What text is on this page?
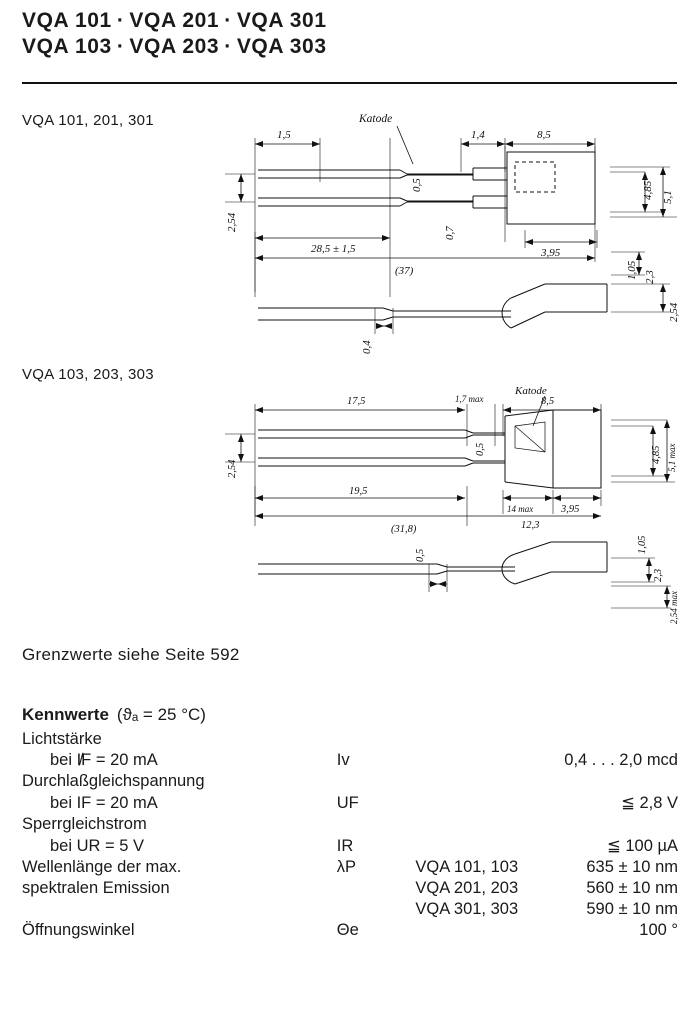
VQA 101 · VQA 201 · VQA 301
VQA 103 · VQA 203 · VQA 303
VQA 101, 201, 301
1,5	1,4	8,5
Katode
28,5 ± 1,5
(37)
0,5
0,7
3,95
2,54
4,85 5,1
1,05 2,3
2,54
0,4
VQA 103, 203, 303
17,5	1,7 max	8,5
Katode
2,54
4,85 5,1 max
19,5
0,5
14 max	3,95
12,3
(31,8)
0,5
1,05
2,3
2,54 max
Grenzwerte siehe Seite 592
Kennwerte (ϑₐ = 25 °C)
Lichtstärke			
bei I̸F = 20 mA	Iv		0,4 . . . 2,0 mcd
Durchlaßgleichspannung			
bei IF = 20 mA	UF		≦ 2,8 V
Sperrgleichstrom			
bei UR = 5 V	IR		≦ 100 µA
Wellenlänge der max.	λP	VQA 101, 103	635 ± 10 nm
spektralen Emission		VQA 201, 203	560 ± 10 nm
		VQA 301, 303	590 ± 10 nm
Öffnungswinkel	Θe		100 °
